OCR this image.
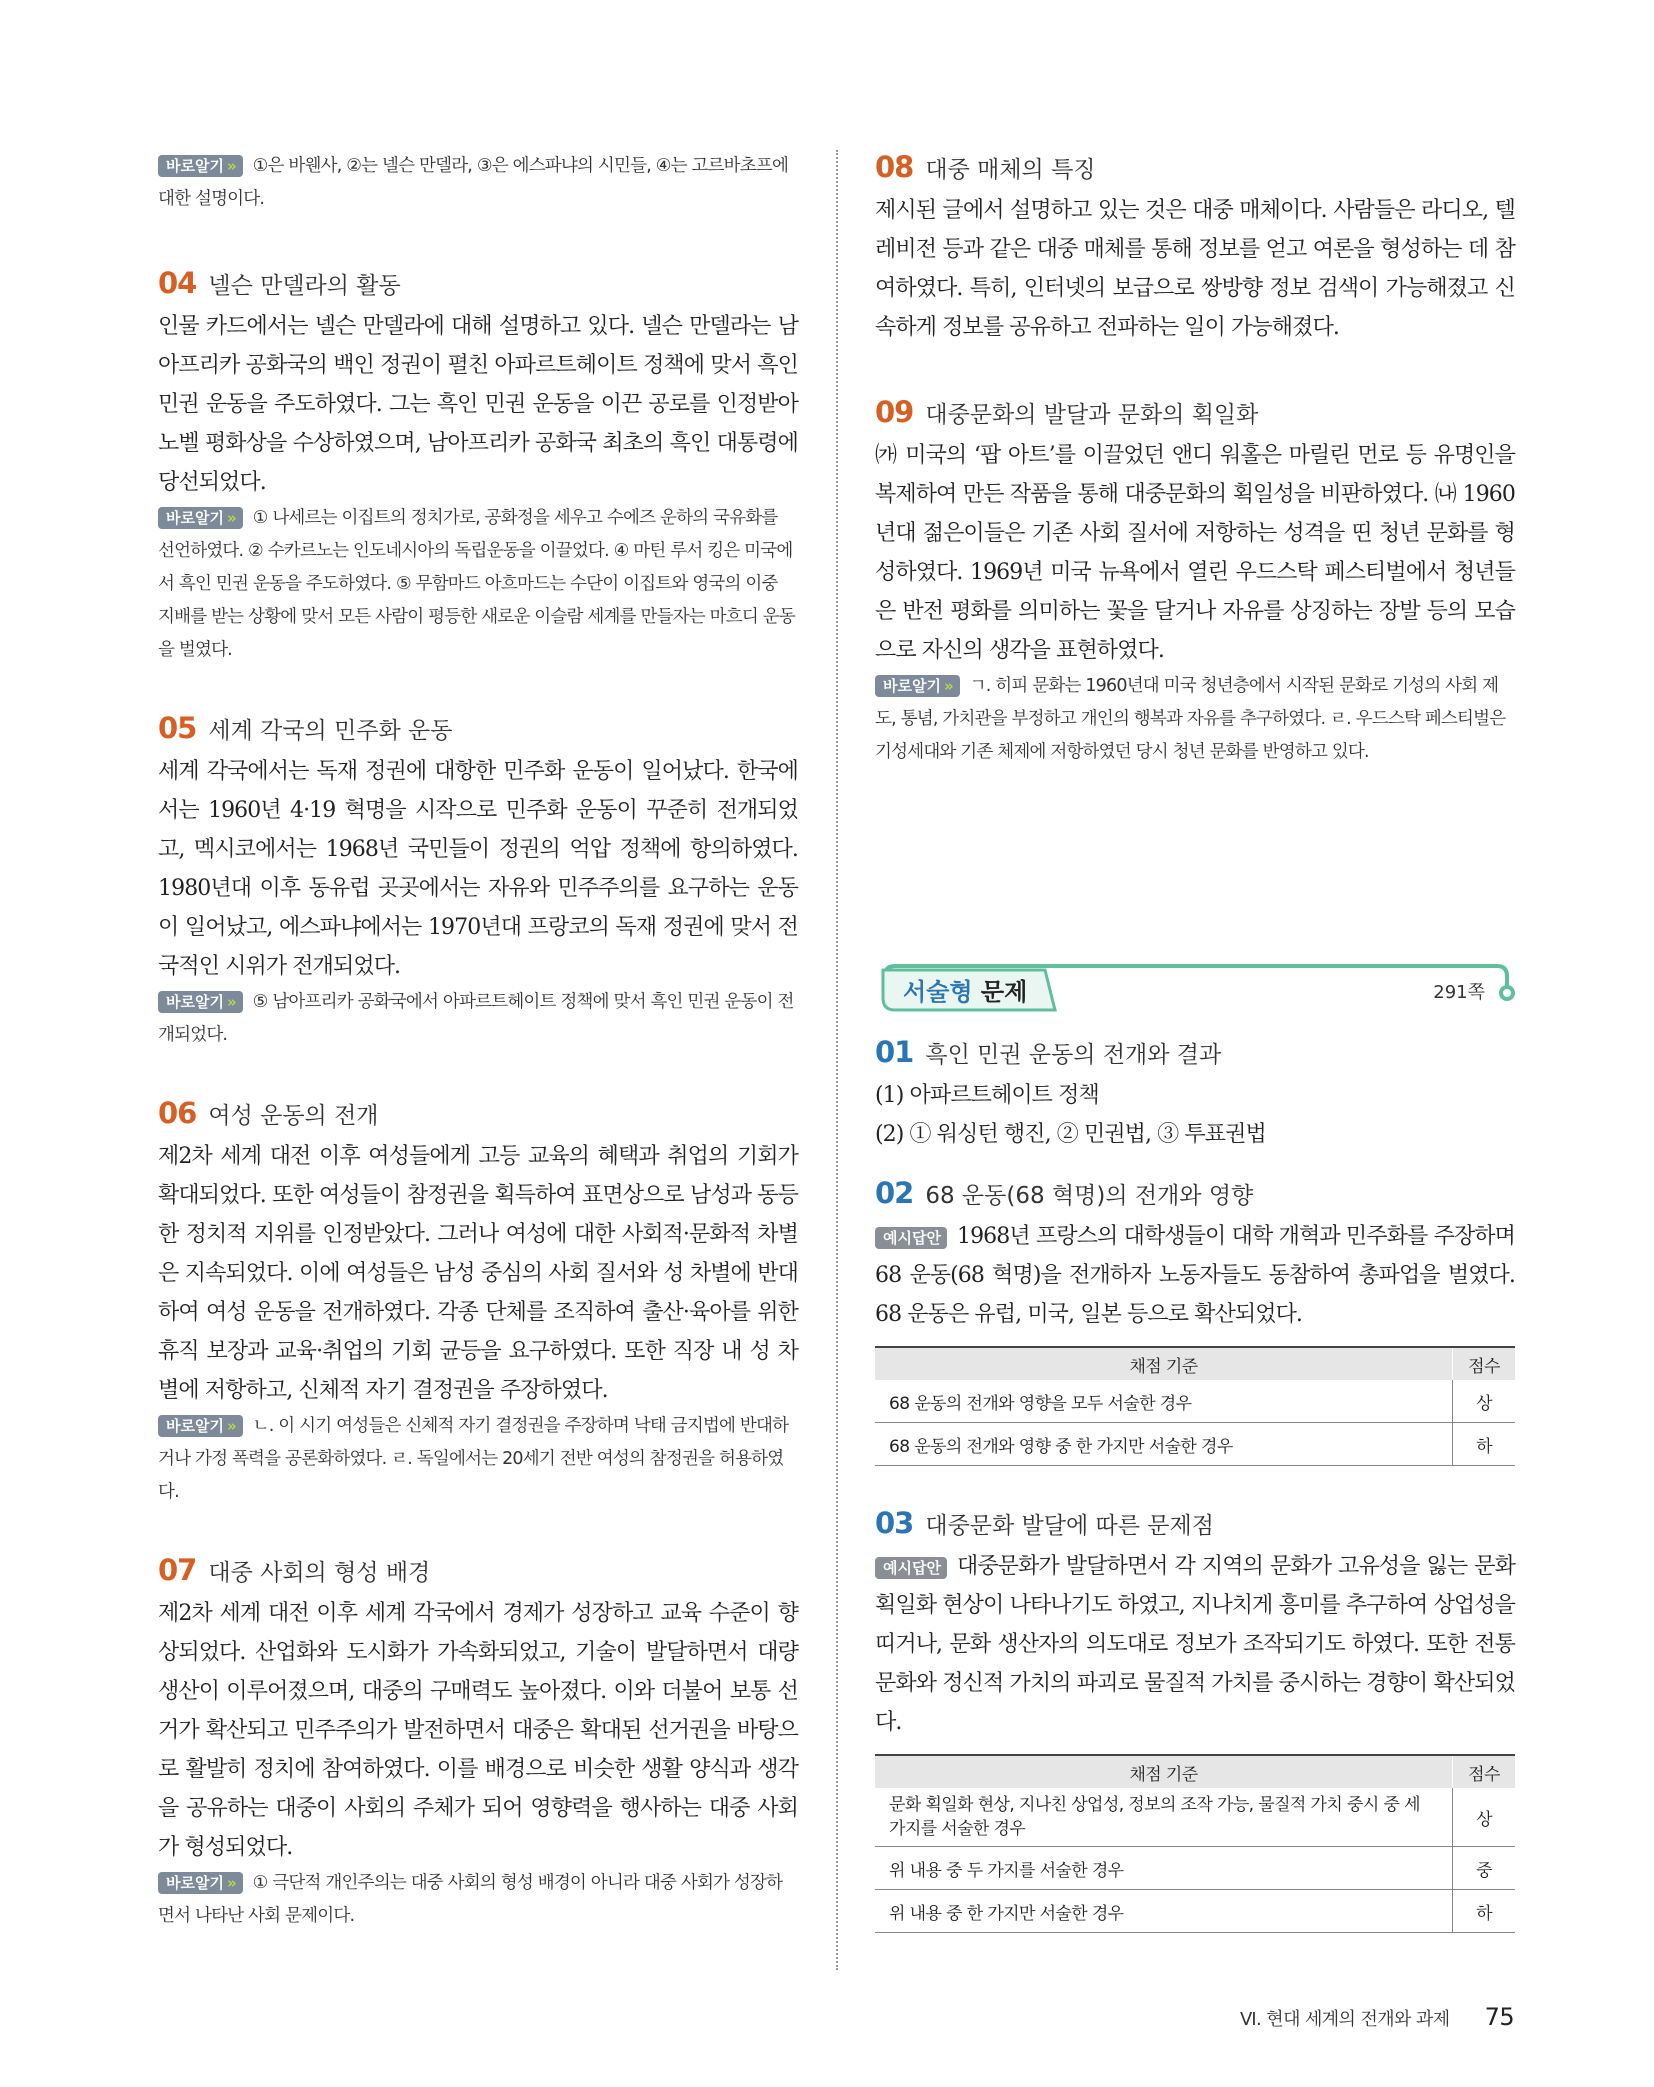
바로알기 » ①은 바웬사, ②는 넬슨 만델라, ③은 에스파냐의 시민들, ④는 고르바초프에 대한 설명이다.

04 넬슨 만델라의 활동

인물 카드에서는 넬슨 만델라에 대해 설명하고 있다. 넬슨 만델라는 남아프리카 공화국의 백인 정권이 펼친 아파르트헤이트 정책에 맞서 흑인 민권 운동을 주도하였다. 그는 흑인 민권 운동을 이끈 공로를 인정받아 노벨 평화상을 수상하였으며, 남아프리카 공화국 최초의 흑인 대통령에 당선되었다.

바로알기 » ① 나세르는 이집트의 정치가로, 공화정을 세우고 수에즈 운하의 국유화를 선언하였다. ② 수카르노는 인도네시아의 독립운동을 이끌었다. ④ 마틴 루서 킹은 미국에서 흑인 민권 운동을 주도하였다. ⑤ 무함마드 아흐마드는 수단이 이집트와 영국의 이중 지배를 받는 상황에 맞서 모든 사람이 평등한 새로운 이슬람 세계를 만들자는 마흐디 운동을 벌였다.

05 세계 각국의 민주화 운동

세계 각국에서는 독재 정권에 대항한 민주화 운동이 일어났다. 한국에서는 1960년 4·19 혁명을 시작으로 민주화 운동이 꾸준히 전개되었고, 멕시코에서는 1968년 국민들이 정권의 억압 정책에 항의하였다. 1980년대 이후 동유럽 곳곳에서는 자유와 민주주의를 요구하는 운동이 일어났고, 에스파냐에서는 1970년대 프랑코의 독재 정권에 맞서 전국적인 시위가 전개되었다.

바로알기 » ⑤ 남아프리카 공화국에서 아파르트헤이트 정책에 맞서 흑인 민권 운동이 전개되었다.

06 여성 운동의 전개

제2차 세계 대전 이후 여성들에게 고등 교육의 혜택과 취업의 기회가 확대되었다. 또한 여성들이 참정권을 획득하여 표면상으로 남성과 동등한 정치적 지위를 인정받았다. 그러나 여성에 대한 사회적·문화적 차별은 지속되었다. 이에 여성들은 남성 중심의 사회 질서와 성 차별에 반대하여 여성 운동을 전개하였다. 각종 단체를 조직하여 출산·육아를 위한 휴직 보장과 교육·취업의 기회 균등을 요구하였다. 또한 직장 내 성 차별에 저항하고, 신체적 자기 결정권을 주장하였다.

바로알기 » ㄴ. 이 시기 여성들은 신체적 자기 결정권을 주장하며 낙태 금지법에 반대하거나 가정 폭력을 공론화하였다. ㄹ. 독일에서는 20세기 전반 여성의 참정권을 허용하였다.

07 대중 사회의 형성 배경

제2차 세계 대전 이후 세계 각국에서 경제가 성장하고 교육 수준이 향상되었다. 산업화와 도시화가 가속화되었고, 기술이 발달하면서 대량 생산이 이루어졌으며, 대중의 구매력도 높아졌다. 이와 더불어 보통 선거가 확산되고 민주주의가 발전하면서 대중은 확대된 선거권을 바탕으로 활발히 정치에 참여하였다. 이를 배경으로 비슷한 생활 양식과 생각을 공유하는 대중이 사회의 주체가 되어 영향력을 행사하는 대중 사회가 형성되었다.

바로알기 » ① 극단적 개인주의는 대중 사회의 형성 배경이 아니라 대중 사회가 성장하면서 나타난 사회 문제이다.

08 대중 매체의 특징

제시된 글에서 설명하고 있는 것은 대중 매체이다. 사람들은 라디오, 텔레비전 등과 같은 대중 매체를 통해 정보를 얻고 여론을 형성하는 데 참여하였다. 특히, 인터넷의 보급으로 쌍방향 정보 검색이 가능해졌고 신속하게 정보를 공유하고 전파하는 일이 가능해졌다.

09 대중문화의 발달과 문화의 획일화

㈎ 미국의 ‘팝 아트’를 이끌었던 앤디 워홀은 마릴린 먼로 등 유명인을 복제하여 만든 작품을 통해 대중문화의 획일성을 비판하였다. ㈏ 1960년대 젊은이들은 기존 사회 질서에 저항하는 성격을 띤 청년 문화를 형성하였다. 1969년 미국 뉴욕에서 열린 우드스탁 페스티벌에서 청년들은 반전 평화를 의미하는 꽃을 달거나 자유를 상징하는 장발 등의 모습으로 자신의 생각을 표현하였다.

바로알기 » ㄱ. 히피 문화는 1960년대 미국 청년층에서 시작된 문화로 기성의 사회 제도, 통념, 가치관을 부정하고 개인의 행복과 자유를 추구하였다. ㄹ. 우드스탁 페스티벌은 기성세대와 기존 체제에 저항하였던 당시 청년 문화를 반영하고 있다.

서술형 문제	291쪽

01 흑인 민권 운동의 전개와 결과

(1) 아파르트헤이트 정책

(2) ① 워싱턴 행진, ② 민권법, ③ 투표권법

02 68 운동(68 혁명)의 전개와 영향

예시답안 1968년 프랑스의 대학생들이 대학 개혁과 민주화를 주장하며 68 운동(68 혁명)을 전개하자 노동자들도 동참하여 총파업을 벌였다. 68 운동은 유럽, 미국, 일본 등으로 확산되었다.

채점 기준	점수
68 운동의 전개와 영향을 모두 서술한 경우	상
68 운동의 전개와 영향 중 한 가지만 서술한 경우	하

03 대중문화 발달에 따른 문제점

예시답안 대중문화가 발달하면서 각 지역의 문화가 고유성을 잃는 문화 획일화 현상이 나타나기도 하였고, 지나치게 흥미를 추구하여 상업성을 띠거나, 문화 생산자의 의도대로 정보가 조작되기도 하였다. 또한 전통문화와 정신적 가치의 파괴로 물질적 가치를 중시하는 경향이 확산되었다.

채점 기준	점수
문화 획일화 현상, 지나친 상업성, 정보의 조작 가능, 물질적 가치 중시 중 세 가지를 서술한 경우	상
위 내용 중 두 가지를 서술한 경우	중
위 내용 중 한 가지만 서술한 경우	하
Ⅵ. 현대 세계의 전개와 과제 75
